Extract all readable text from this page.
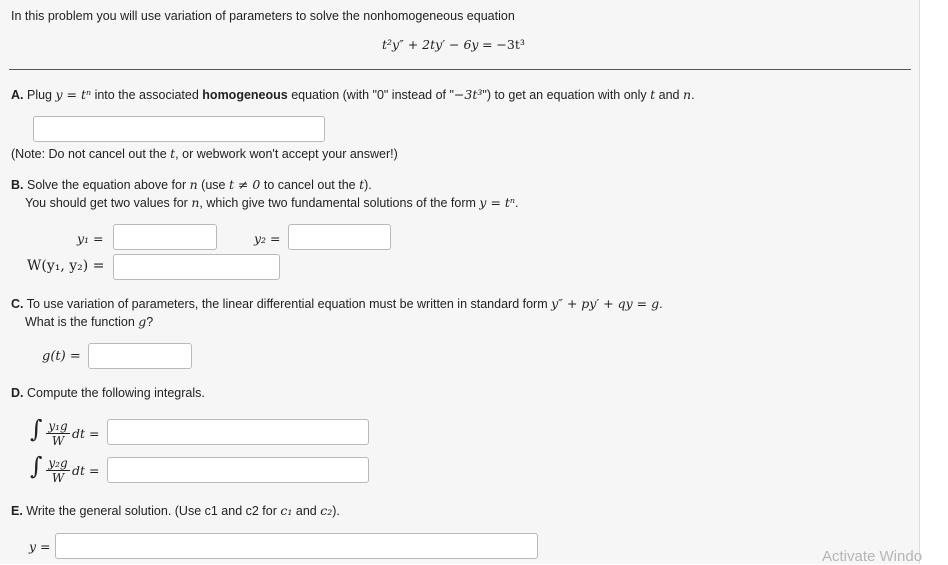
In this problem you will use variation of parameters to solve the nonhomogeneous equation
t²y″ + 2ty′ − 6y = −3t³
A. Plug y = tⁿ into the associated homogeneous equation (with "0" instead of "−3t³") to get an equation with only t and n.
(Note: Do not cancel out the t, or webwork won't accept your answer!)
B. Solve the equation above for n (use t ≠ 0 to cancel out the t).
You should get two values for n, which give two fundamental solutions of the form y = tⁿ.
y₁ =	y₂ =
W(y₁, y₂) =
C. To use variation of parameters, the linear differential equation must be written in standard form y″ + py′ + qy = g.
What is the function g?
g(t) =
D. Compute the following integrals.
∫ y₁g
W dt =
∫ y₂g
W dt =
E. Write the general solution. (Use c1 and c2 for c₁ and c₂).
y =
Activate Windo
